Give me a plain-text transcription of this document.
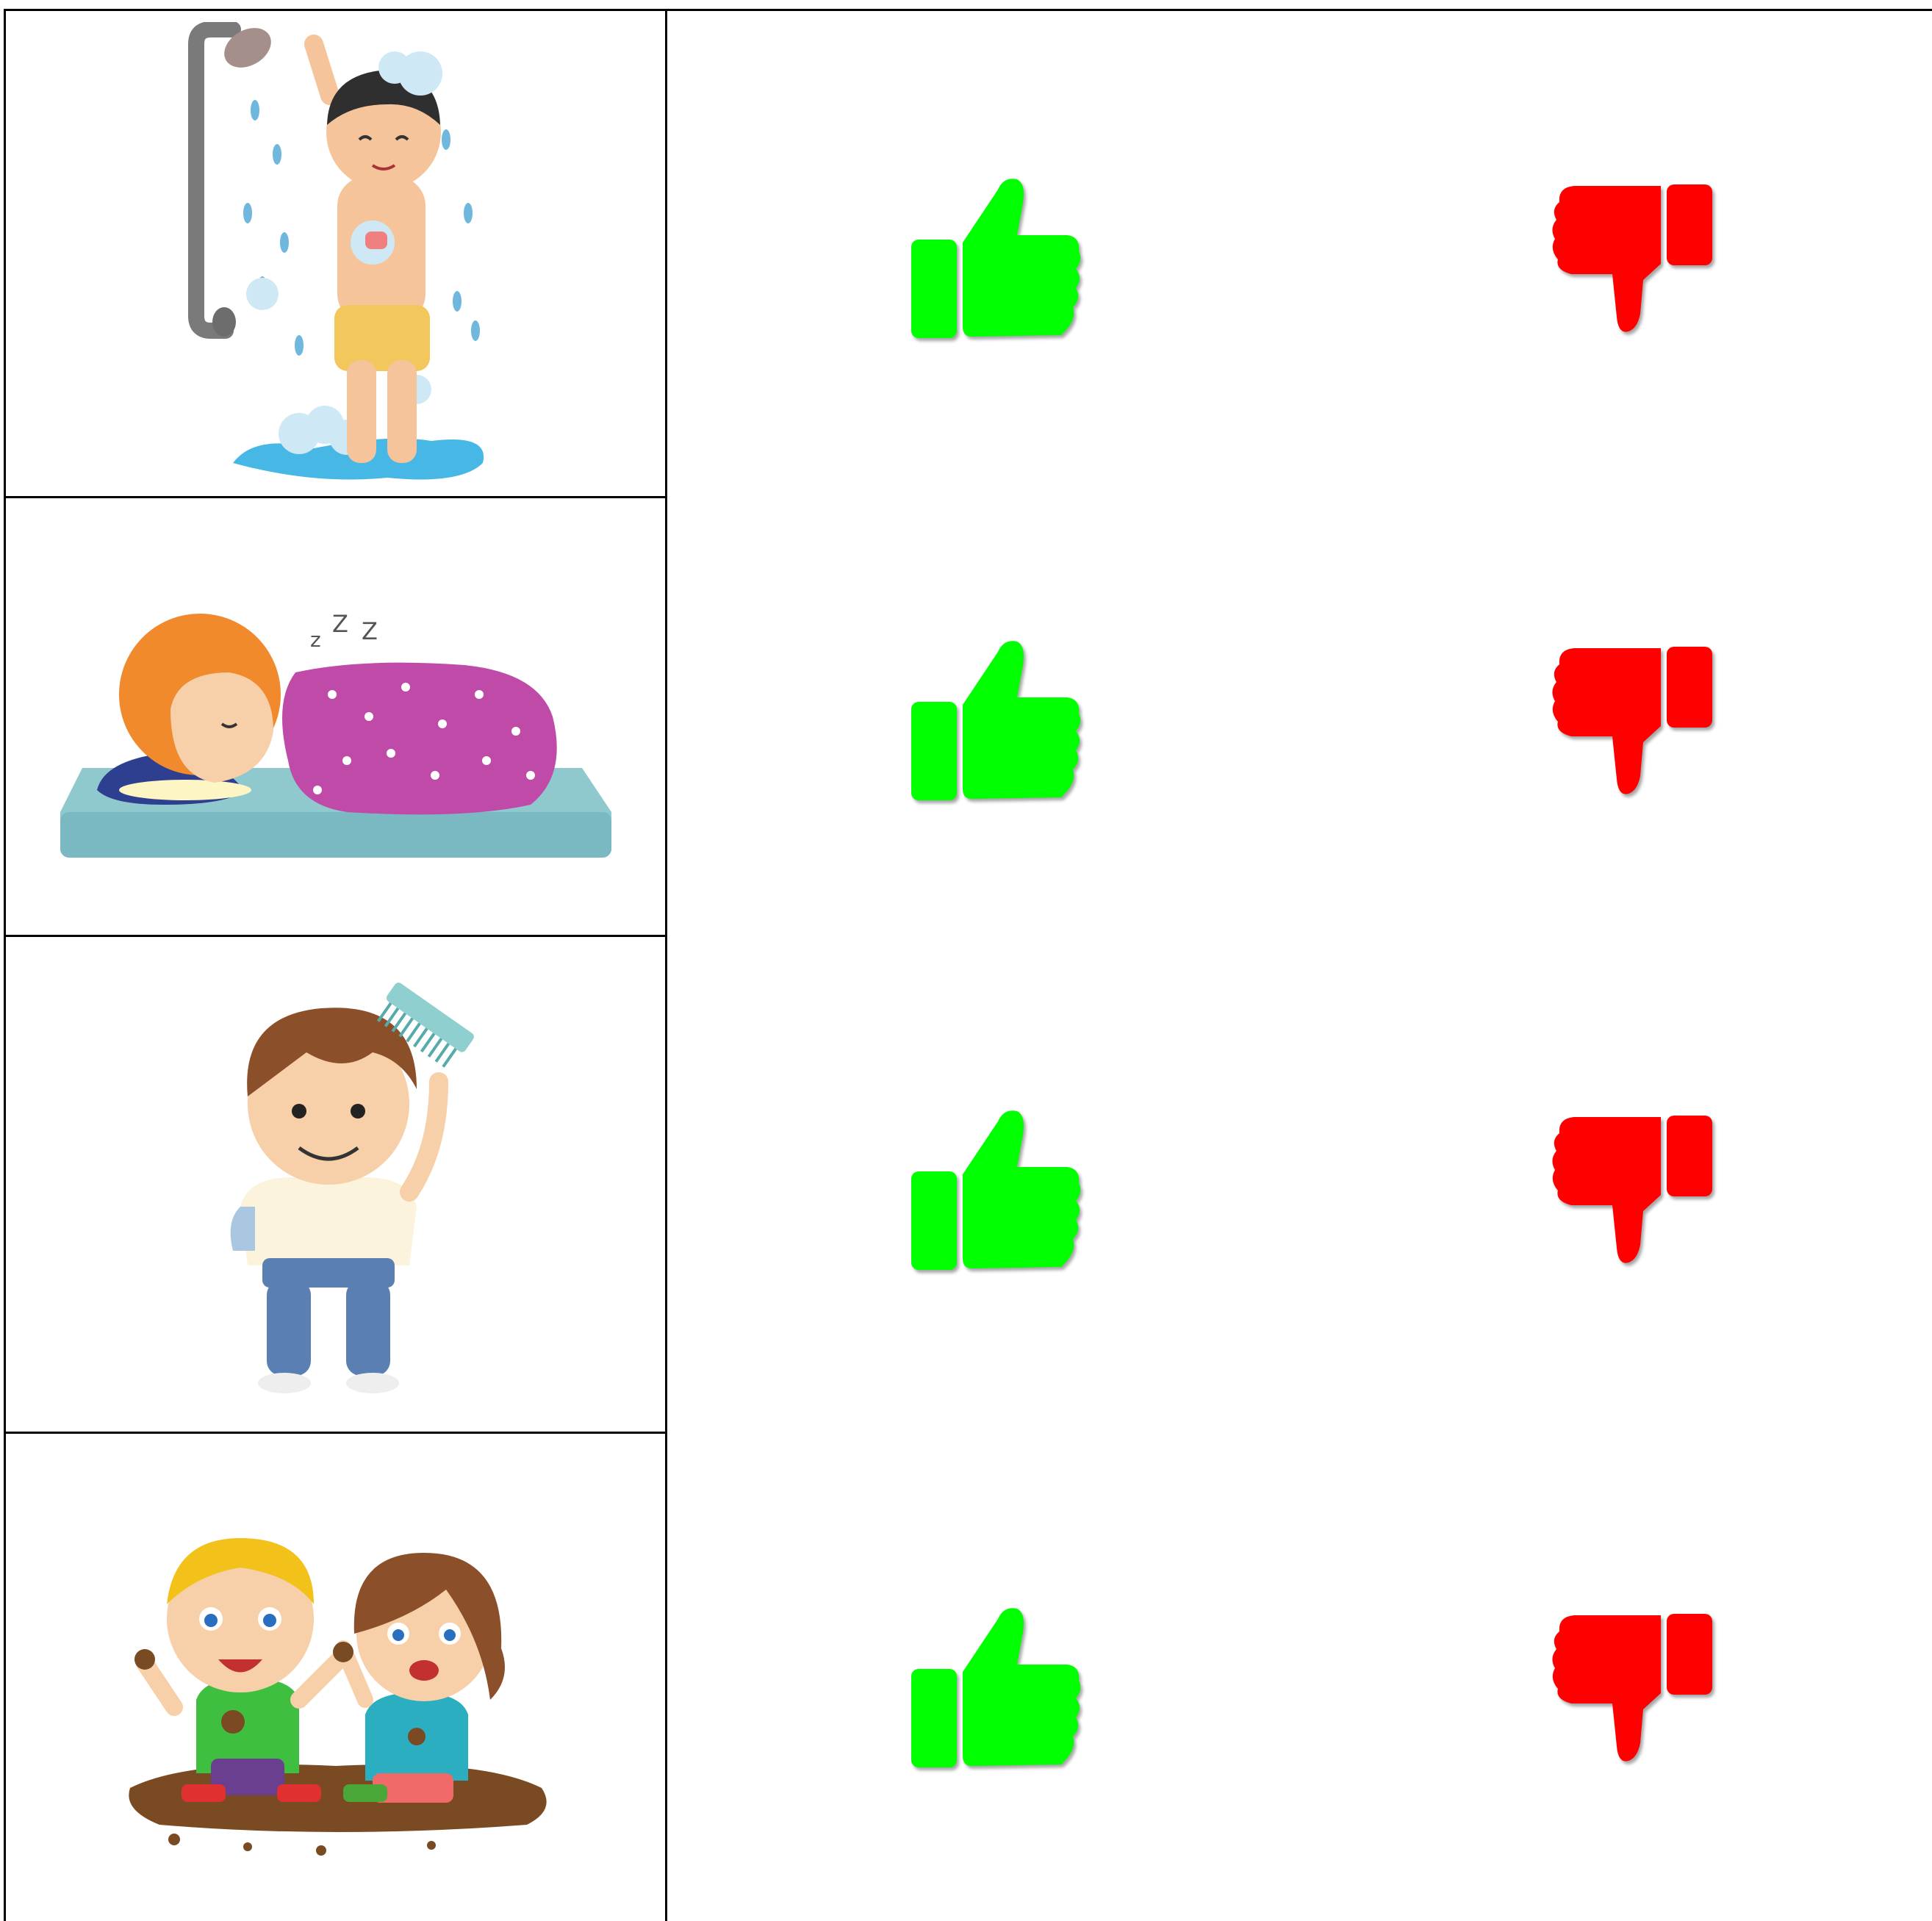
z
Z Z
